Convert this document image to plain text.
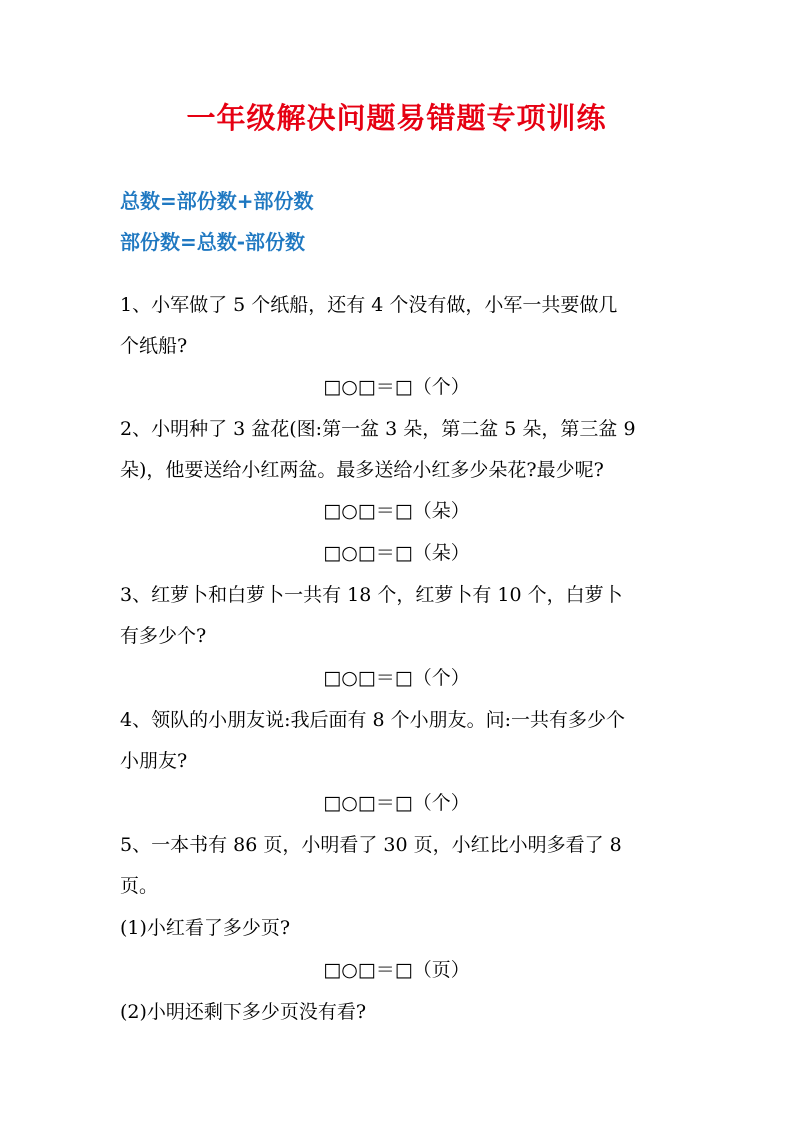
一年级解决问题易错题专项训练
总数=部份数+部份数
部份数=总数-部份数
1、小军做了 5 个纸船，还有 4 个没有做，小军一共要做几
个纸船?
□○□＝□（个）
2、小明种了 3 盆花(图:第一盆 3 朵，第二盆 5 朵，第三盆 9
朵)，他要送给小红两盆。最多送给小红多少朵花?最少呢?
□○□＝□（朵）
□○□＝□（朵）
3、红萝卜和白萝卜一共有 18 个，红萝卜有 10 个，白萝卜
有多少个?
□○□＝□（个）
4、领队的小朋友说:我后面有 8 个小朋友。问:一共有多少个
小朋友?
□○□＝□（个）
5、一本书有 86 页，小明看了 30 页，小红比小明多看了 8
页。
(1)小红看了多少页?
□○□＝□（页）
(2)小明还剩下多少页没有看?
